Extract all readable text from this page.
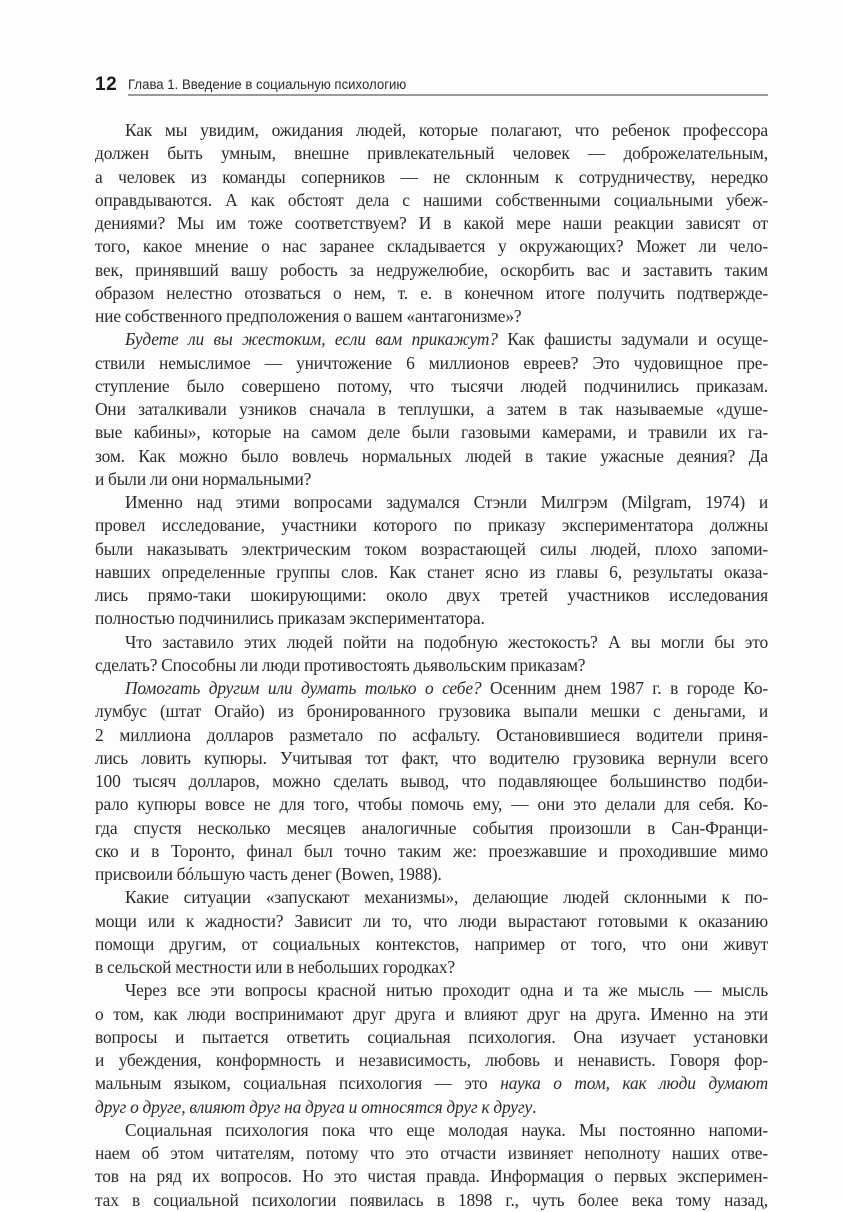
12 Глава 1. Введение в социальную психологию
Как мы увидим, ожидания людей, которые полагают, что ребенок профессора
должен быть умным, внешне привлекательный человек — доброжелательным,
а человек из команды соперников — не склонным к сотрудничеству, нередко
оправдываются. А как обстоят дела с нашими собственными социальными убеж-
дениями? Мы им тоже соответствуем? И в какой мере наши реакции зависят от
того, какое мнение о нас заранее складывается у окружающих? Может ли чело-
век, принявший вашу робость за недружелюбие, оскорбить вас и заставить таким
образом нелестно отозваться о нем, т. е. в конечном итоге получить подтвержде-
ние собственного предположения о вашем «антагонизме»?
Будете ли вы жестоким, если вам прикажут? Как фашисты задумали и осуще-
ствили немыслимое — уничтожение 6 миллионов евреев? Это чудовищное пре-
ступление было совершено потому, что тысячи людей подчинились приказам.
Они заталкивали узников сначала в теплушки, а затем в так называемые «душе-
вые кабины», которые на самом деле были газовыми камерами, и травили их га-
зом. Как можно было вовлечь нормальных людей в такие ужасные деяния? Да
и были ли они нормальными?
Именно над этими вопросами задумался Стэнли Милгрэм (Milgram, 1974) и
провел исследование, участники которого по приказу экспериментатора должны
были наказывать электрическим током возрастающей силы людей, плохо запоми-
навших определенные группы слов. Как станет ясно из главы 6, результаты оказа-
лись прямо-таки шокирующими: около двух третей участников исследования
полностью подчинились приказам экспериментатора.
Что заставило этих людей пойти на подобную жестокость? А вы могли бы это
сделать? Способны ли люди противостоять дьявольским приказам?
Помогать другим или думать только о себе? Осенним днем 1987 г. в городе Ко-
лумбус (штат Огайо) из бронированного грузовика выпали мешки с деньгами, и
2 миллиона долларов разметало по асфальту. Остановившиеся водители приня-
лись ловить купюры. Учитывая тот факт, что водителю грузовика вернули всего
100 тысяч долларов, можно сделать вывод, что подавляющее большинство подби-
рало купюры вовсе не для того, чтобы помочь ему, — они это делали для себя. Ко-
гда спустя несколько месяцев аналогичные события произошли в Сан-Франци-
ско и в Торонто, финал был точно таким же: проезжавшие и проходившие мимо
присвоили бóльшую часть денег (Bowen, 1988).
Какие ситуации «запускают механизмы», делающие людей склонными к по-
мощи или к жадности? Зависит ли то, что люди вырастают готовыми к оказанию
помощи другим, от социальных контекстов, например от того, что они живут
в сельской местности или в небольших городках?
Через все эти вопросы красной нитью проходит одна и та же мысль — мысль
о том, как люди воспринимают друг друга и влияют друг на друга. Именно на эти
вопросы и пытается ответить социальная психология. Она изучает установки
и убеждения, конформность и независимость, любовь и ненависть. Говоря фор-
мальным языком, социальная психология — это наука о том, как люди думают
друг о друге, влияют друг на друга и относятся друг к другу.
Социальная психология пока что еще молодая наука. Мы постоянно напоми-
наем об этом читателям, потому что это отчасти извиняет неполноту наших отве-
тов на ряд их вопросов. Но это чистая правда. Информация о первых эксперимен-
тах в социальной психологии появилась в 1898 г., чуть более века тому назад,
